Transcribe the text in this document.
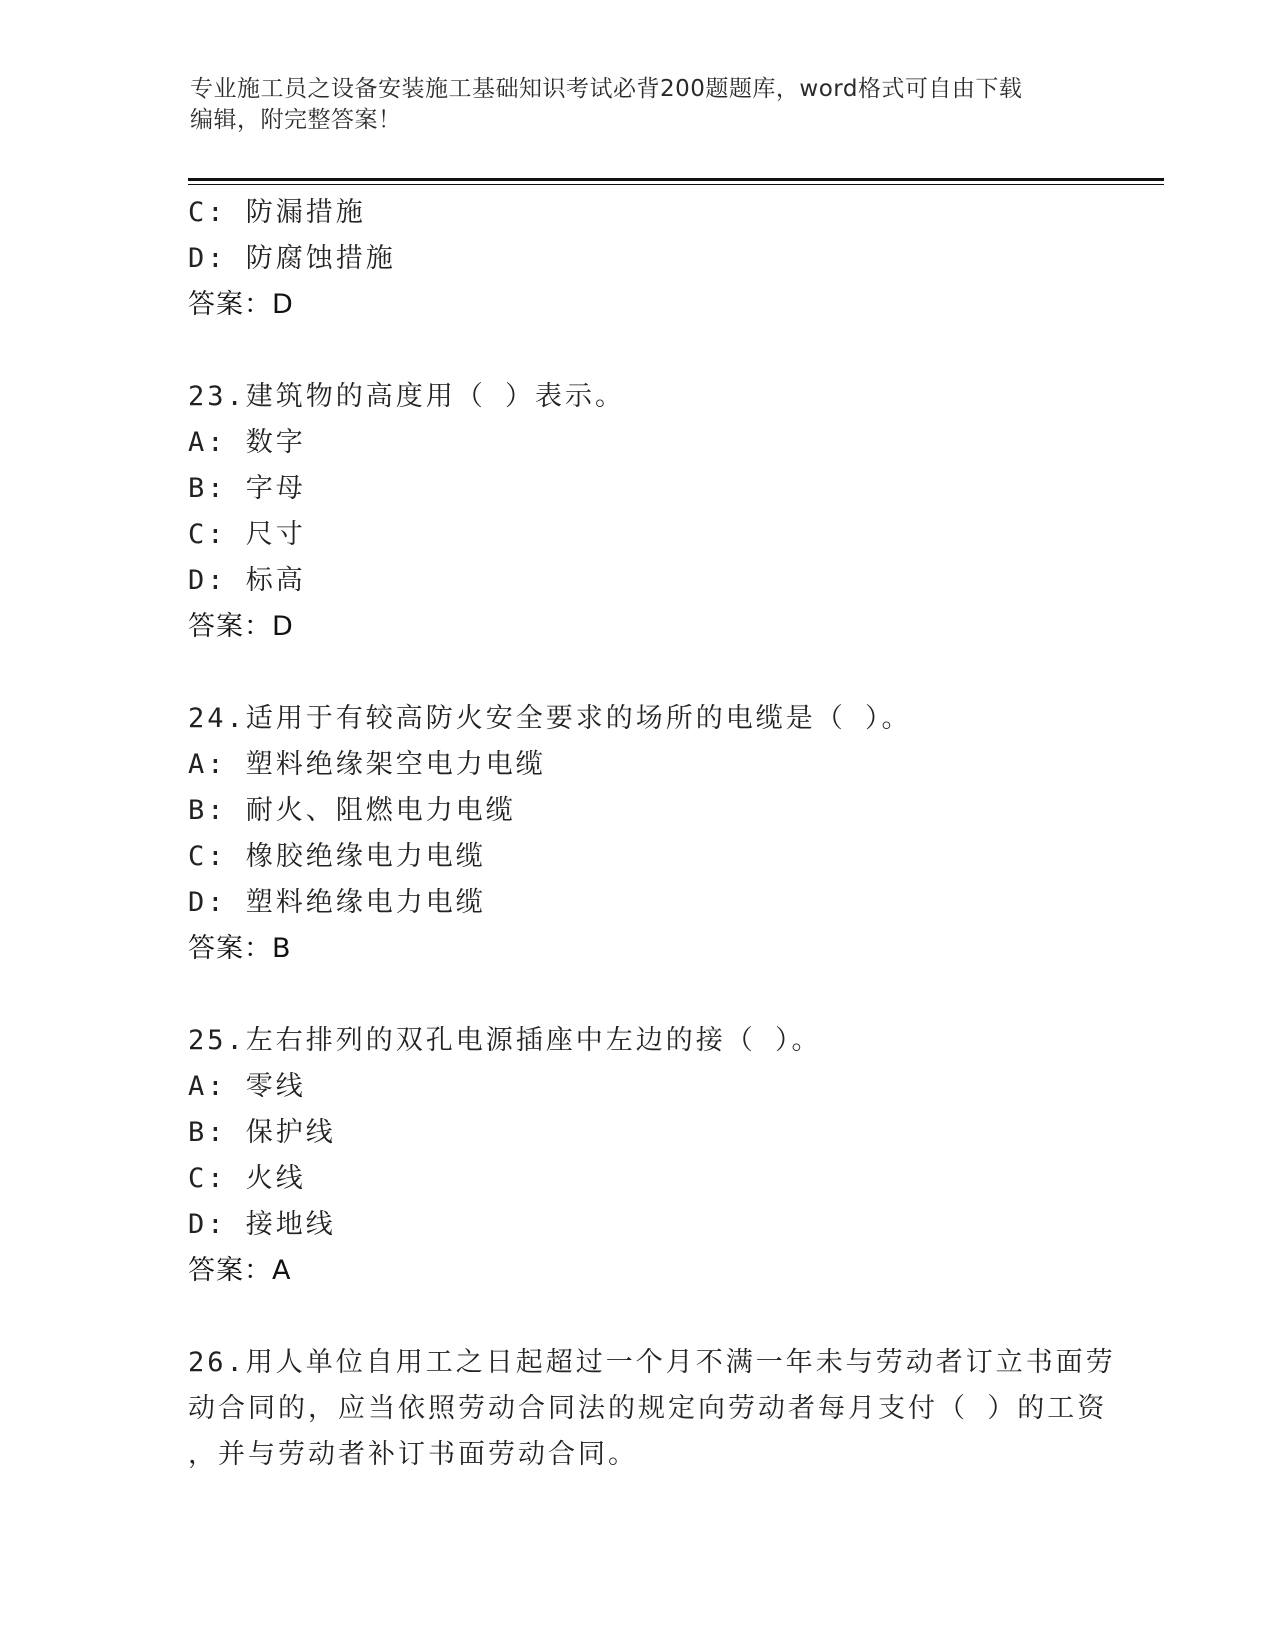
专业施工员之设备安装施工基础知识考试必背200题题库，word格式可自由下载
编辑，附完整答案！
C: 防漏措施
D: 防腐蚀措施
答案：D
23.建筑物的高度用（ ）表示。
A: 数字
B: 字母
C: 尺寸
D: 标高
答案：D
24.适用于有较高防火安全要求的场所的电缆是（ ）。
A: 塑料绝缘架空电力电缆
B: 耐火、阻燃电力电缆
C: 橡胶绝缘电力电缆
D: 塑料绝缘电力电缆
答案：B
25.左右排列的双孔电源插座中左边的接（ ）。
A: 零线
B: 保护线
C: 火线
D: 接地线
答案：A
26.用人单位自用工之日起超过一个月不满一年未与劳动者订立书面劳
动合同的，应当依照劳动合同法的规定向劳动者每月支付（ ）的工资
，并与劳动者补订书面劳动合同。
